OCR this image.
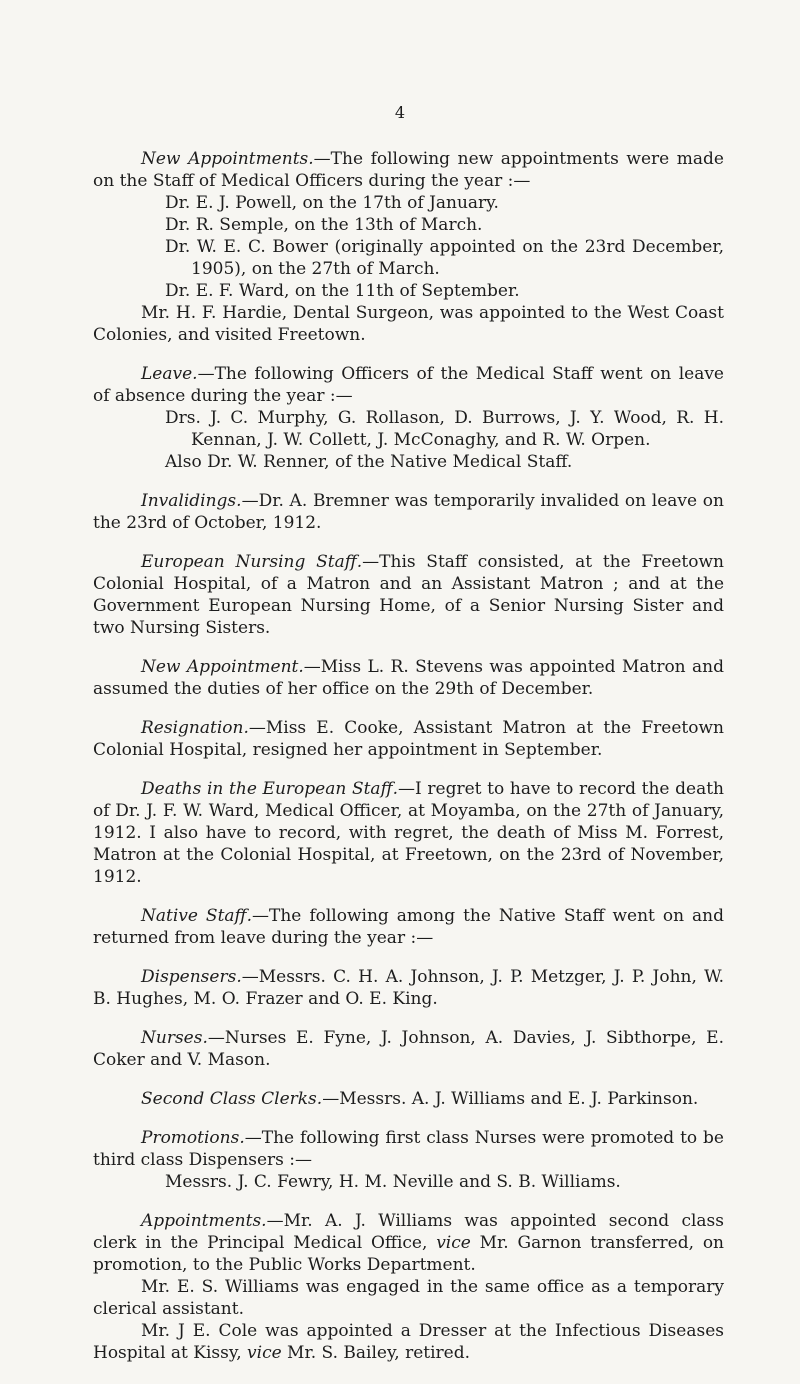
4

New Appointments.—The following new appointments were made on the Staff of Medical Officers during the year :—

Dr. E. J. Powell, on the 17th of January.

Dr. R. Semple, on the 13th of March.

Dr. W. E. C. Bower (originally appointed on the 23rd December, 1905), on the 27th of March.

Dr. E. F. Ward, on the 11th of September.

Mr. H. F. Hardie, Dental Surgeon, was appointed to the West Coast Colonies, and visited Freetown.

Leave.—The following Officers of the Medical Staff went on leave of absence during the year :—

Drs. J. C. Murphy, G. Rollason, D. Burrows, J. Y. Wood, R. H. Kennan, J. W. Collett, J. McConaghy, and R. W. Orpen.

Also Dr. W. Renner, of the Native Medical Staff.

Invalidings.—Dr. A. Bremner was temporarily invalided on leave on the 23rd of October, 1912.

European Nursing Staff.—This Staff consisted, at the Freetown Colonial Hospital, of a Matron and an Assistant Matron ; and at the Government European Nursing Home, of a Senior Nursing Sister and two Nursing Sisters.

New Appointment.—Miss L. R. Stevens was appointed Matron and assumed the duties of her office on the 29th of December.

Resignation.—Miss E. Cooke, Assistant Matron at the Freetown Colonial Hospital, resigned her appointment in September.

Deaths in the European Staff.—I regret to have to record the death of Dr. J. F. W. Ward, Medical Officer, at Moyamba, on the 27th of January, 1912. I also have to record, with regret, the death of Miss M. Forrest, Matron at the Colonial Hospital, at Freetown, on the 23rd of November, 1912.

Native Staff.—The following among the Native Staff went on and returned from leave during the year :—

Dispensers.—Messrs. C. H. A. Johnson, J. P. Metzger, J. P. John, W. B. Hughes, M. O. Frazer and O. E. King.

Nurses.—Nurses E. Fyne, J. Johnson, A. Davies, J. Sibthorpe, E. Coker and V. Mason.

Second Class Clerks.—Messrs. A. J. Williams and E. J. Parkinson.

Promotions.—The following first class Nurses were promoted to be third class Dispensers :—

Messrs. J. C. Fewry, H. M. Neville and S. B. Williams.

Appointments.—Mr. A. J. Williams was appointed second class clerk in the Principal Medical Office, vice Mr. Garnon transferred, on promotion, to the Public Works Department.

Mr. E. S. Williams was engaged in the same office as a temporary clerical assistant.

Mr. J E. Cole was appointed a Dresser at the Infectious Diseases Hospital at Kissy, vice Mr. S. Bailey, retired.
